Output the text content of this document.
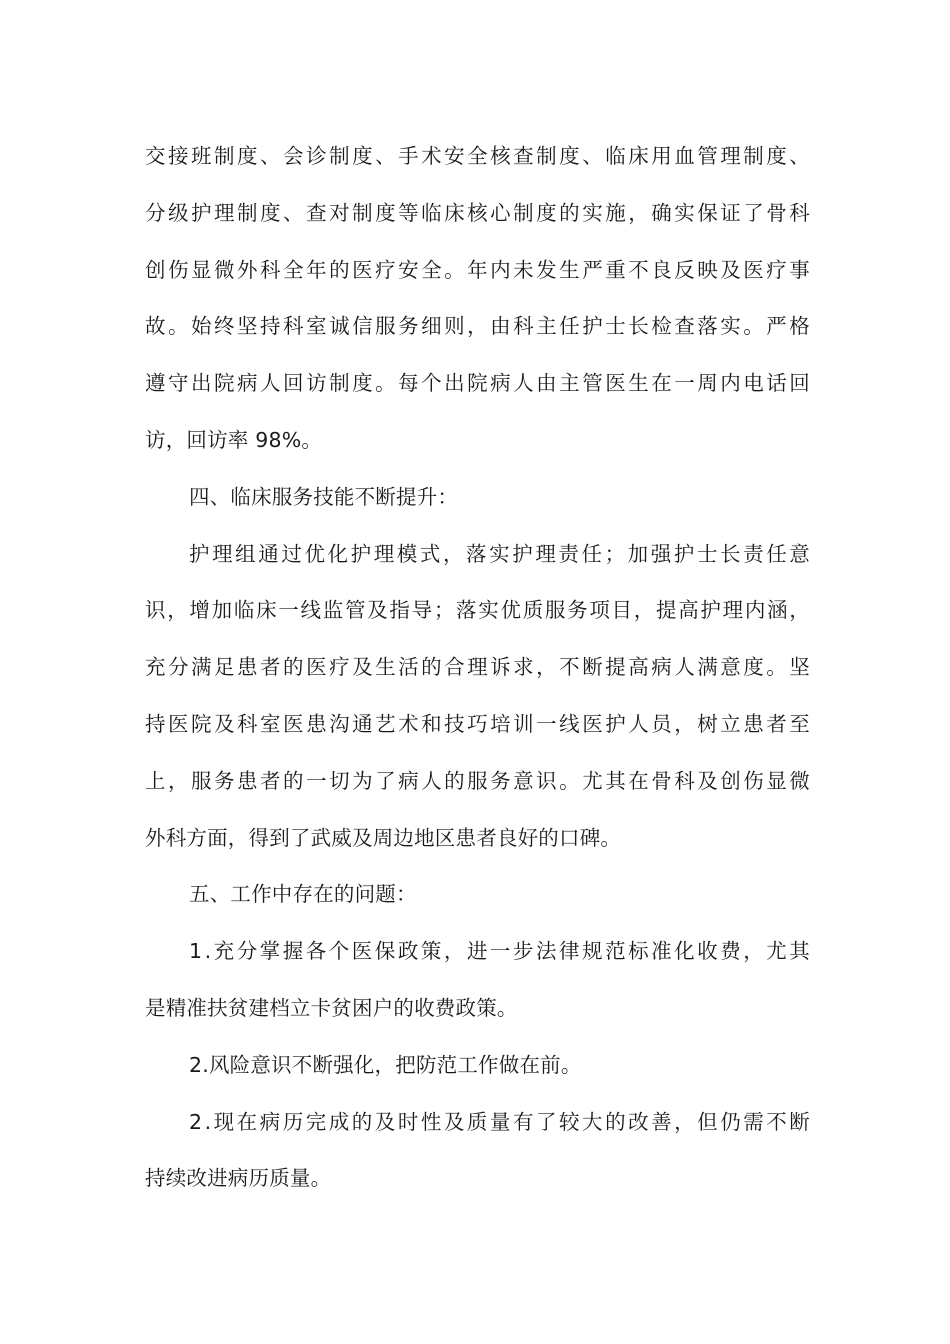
交接班制度、会诊制度、手术安全核查制度、临床用血管理制度、
分级护理制度、查对制度等临床核心制度的实施，确实保证了骨科
创伤显微外科全年的医疗安全。年内未发生严重不良反映及医疗事
故。始终坚持科室诚信服务细则，由科主任护士长检查落实。严格
遵守出院病人回访制度。每个出院病人由主管医生在一周内电话回
访，回访率 98%。
四、临床服务技能不断提升：
护理组通过优化护理模式，落实护理责任；加强护士长责任意
识，增加临床一线监管及指导；落实优质服务项目，提高护理内涵，
充分满足患者的医疗及生活的合理诉求，不断提高病人满意度。坚
持医院及科室医患沟通艺术和技巧培训一线医护人员，树立患者至
上，服务患者的一切为了病人的服务意识。尤其在骨科及创伤显微
外科方面，得到了武威及周边地区患者良好的口碑。
五、工作中存在的问题：
1.充分掌握各个医保政策，进一步法律规范标准化收费，尤其
是精准扶贫建档立卡贫困户的收费政策。
2.风险意识不断强化，把防范工作做在前。
2.现在病历完成的及时性及质量有了较大的改善，但仍需不断
持续改进病历质量。
